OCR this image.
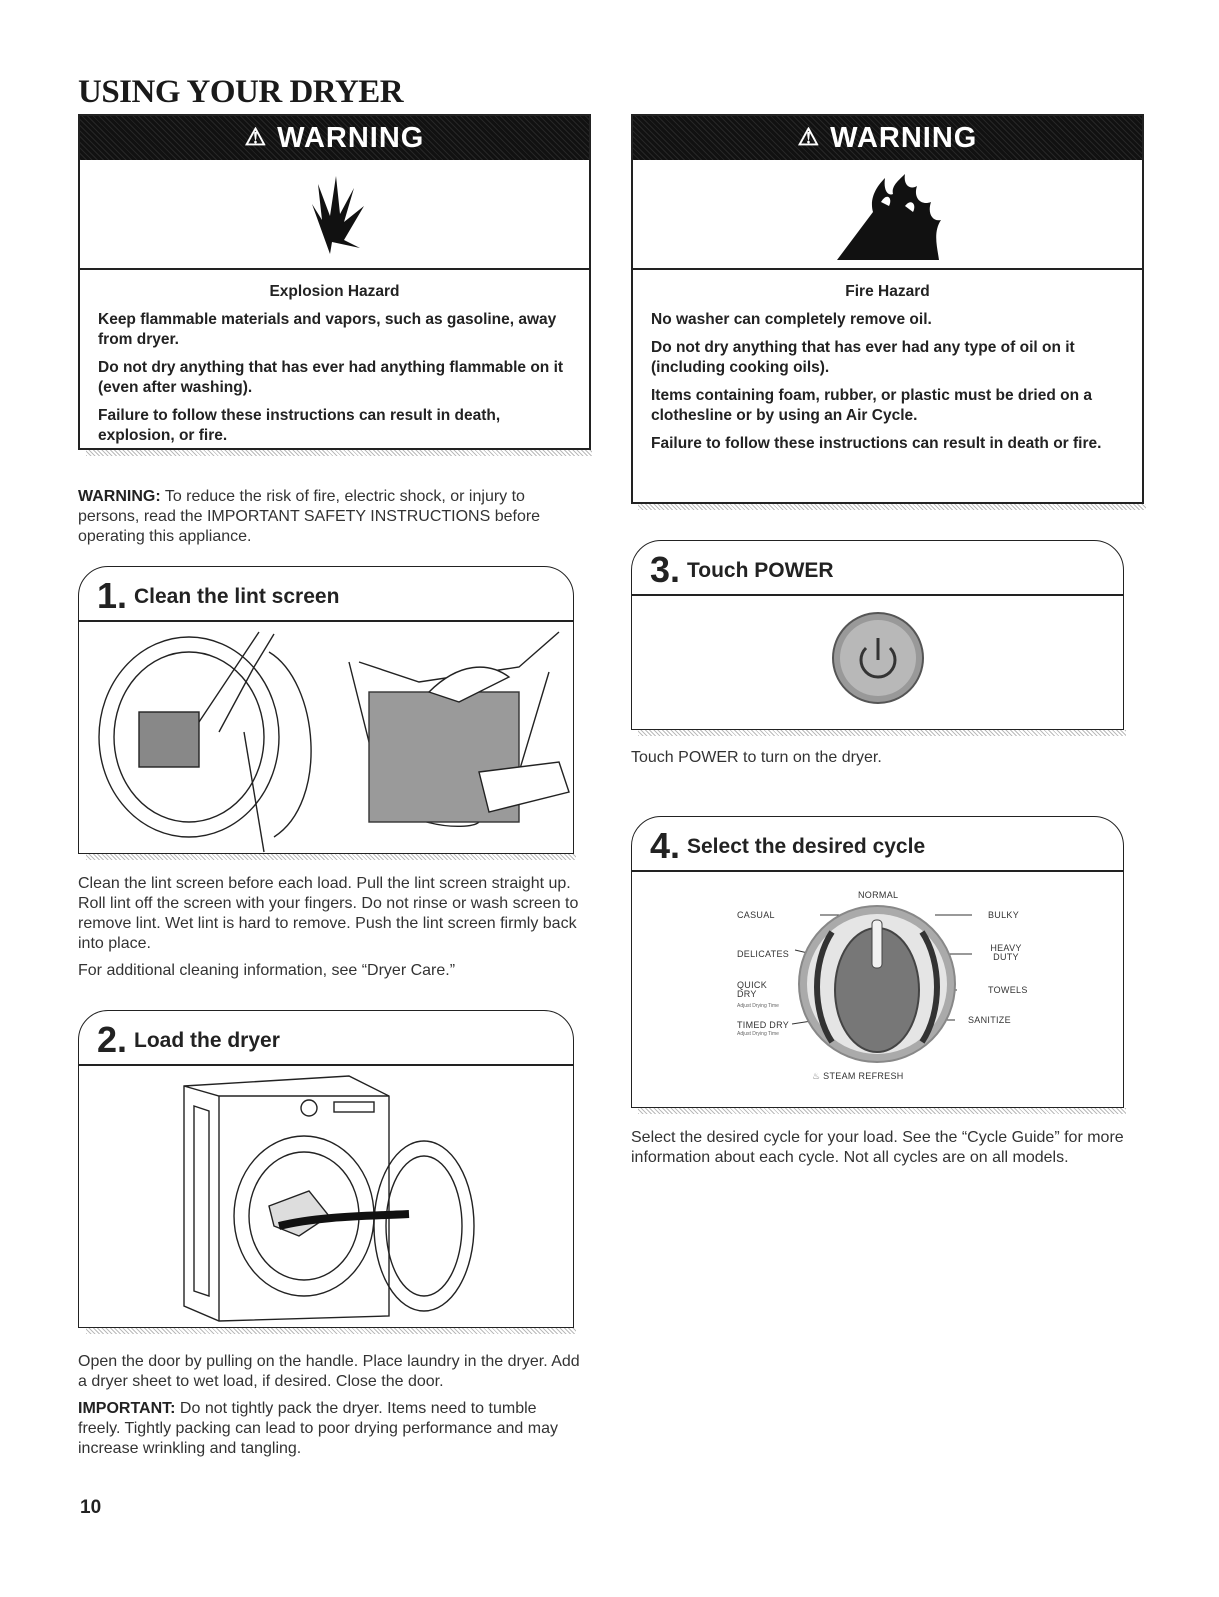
USING YOUR DRYER
⚠ WARNING
Explosion Hazard

Keep flammable materials and vapors, such as gasoline, away from dryer.

Do not dry anything that has ever had anything flammable on it (even after washing).

Failure to follow these instructions can result in death, explosion, or fire.

⚠ WARNING
Fire Hazard

No washer can completely remove oil.

Do not dry anything that has ever had any type of oil on it (including cooking oils).

Items containing foam, rubber, or plastic must be dried on a clothesline or by using an Air Cycle.

Failure to follow these instructions can result in death or fire.

WARNING: To reduce the risk of fire, electric shock, or injury to persons, read the IMPORTANT SAFETY INSTRUCTIONS before operating this appliance.
1. Clean the lint screen

Clean the lint screen before each load. Pull the lint screen straight up. Roll lint off the screen with your fingers. Do not rinse or wash screen to remove lint. Wet lint is hard to remove. Push the lint screen firmly back into place.

For additional cleaning information, see “Dryer Care.”

2. Load the dryer

Open the door by pulling on the handle. Place laundry in the dryer. Add a dryer sheet to wet load, if desired. Close the door.

IMPORTANT: Do not tightly pack the dryer. Items need to tumble freely. Tightly packing can lead to poor drying performance and may increase wrinkling and tangling.

3. Touch POWER

Touch POWER to turn on the dryer.

4. Select the desired cycle
NORMAL
CASUAL
DELICATES
QUICK DRY
Adjust Drying Time
TIMED DRY
Adjust Drying Time
BULKY
HEAVY DUTY
TOWELS
SANITIZE
♨ STEAM REFRESH

Select the desired cycle for your load. See the “Cycle Guide” for more information about each cycle. Not all cycles are on all models.

10
